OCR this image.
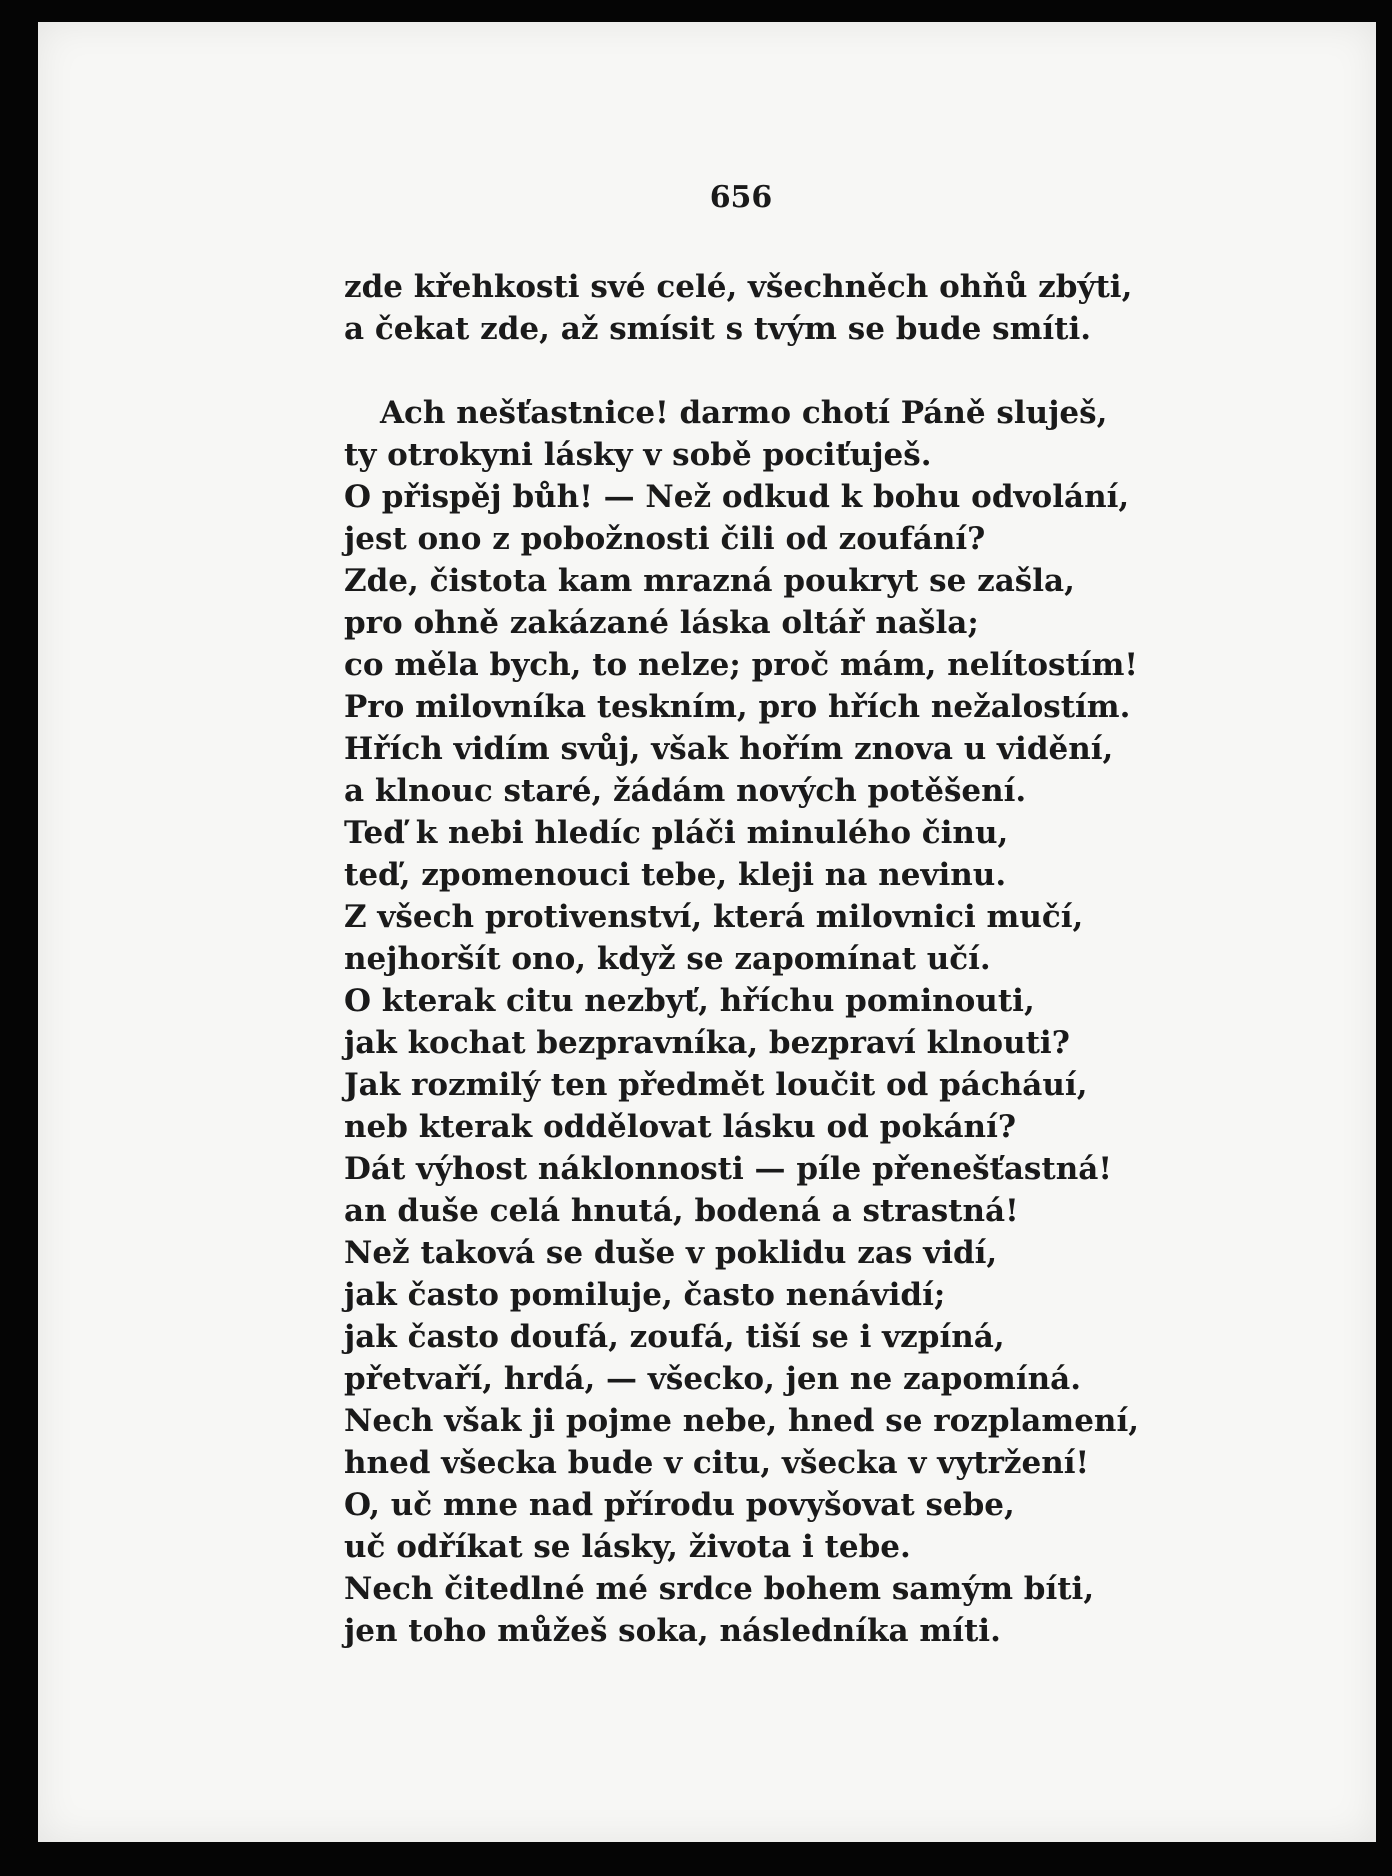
656
zde křehkosti své celé, všechněch ohňů zbýti,
a čekat zde, až smísit s tvým se bude smíti.
Ach nešťastnice! darmo chotí Páně sluješ,
ty otrokyni lásky v sobě pociťuješ.
O přispěj bůh! — Než odkud k bohu odvolání,
jest ono z pobožnosti čili od zoufání?
Zde, čistota kam mrazná poukryt se zašla,
pro ohně zakázané láska oltář našla;
co měla bych, to nelze; proč mám, nelítostím!
Pro milovníka teskním, pro hřích nežalostím.
Hřích vidím svůj, však hořím znova u vidění,
a klnouc staré, žádám nových potěšení.
Teď k nebi hledíc pláči minulého činu,
teď, zpomenouci tebe, kleji na nevinu.
Z všech protivenství, která milovnici mučí,
nejhoršít ono, když se zapomínat učí.
O kterak citu nezbyť, hříchu pominouti,
jak kochat bezpravníka, bezpraví klnouti?
Jak rozmilý ten předmět loučit od pácháuí,
neb kterak oddělovat lásku od pokání?
Dát výhost náklonnosti — píle přenešťastná!
an duše celá hnutá, bodená a strastná!
Než taková se duše v poklidu zas vidí,
jak často pomiluje, často nenávidí;
jak často doufá, zoufá, tiší se i vzpíná,
přetvaří, hrdá, — všecko, jen ne zapomíná.
Nech však ji pojme nebe, hned se rozplamení,
hned všecka bude v citu, všecka v vytržení!
O, uč mne nad přírodu povyšovat sebe,
uč odříkat se lásky, života i tebe.
Nech čitedlné mé srdce bohem samým bíti,
jen toho můžeš soka, následníka míti.
